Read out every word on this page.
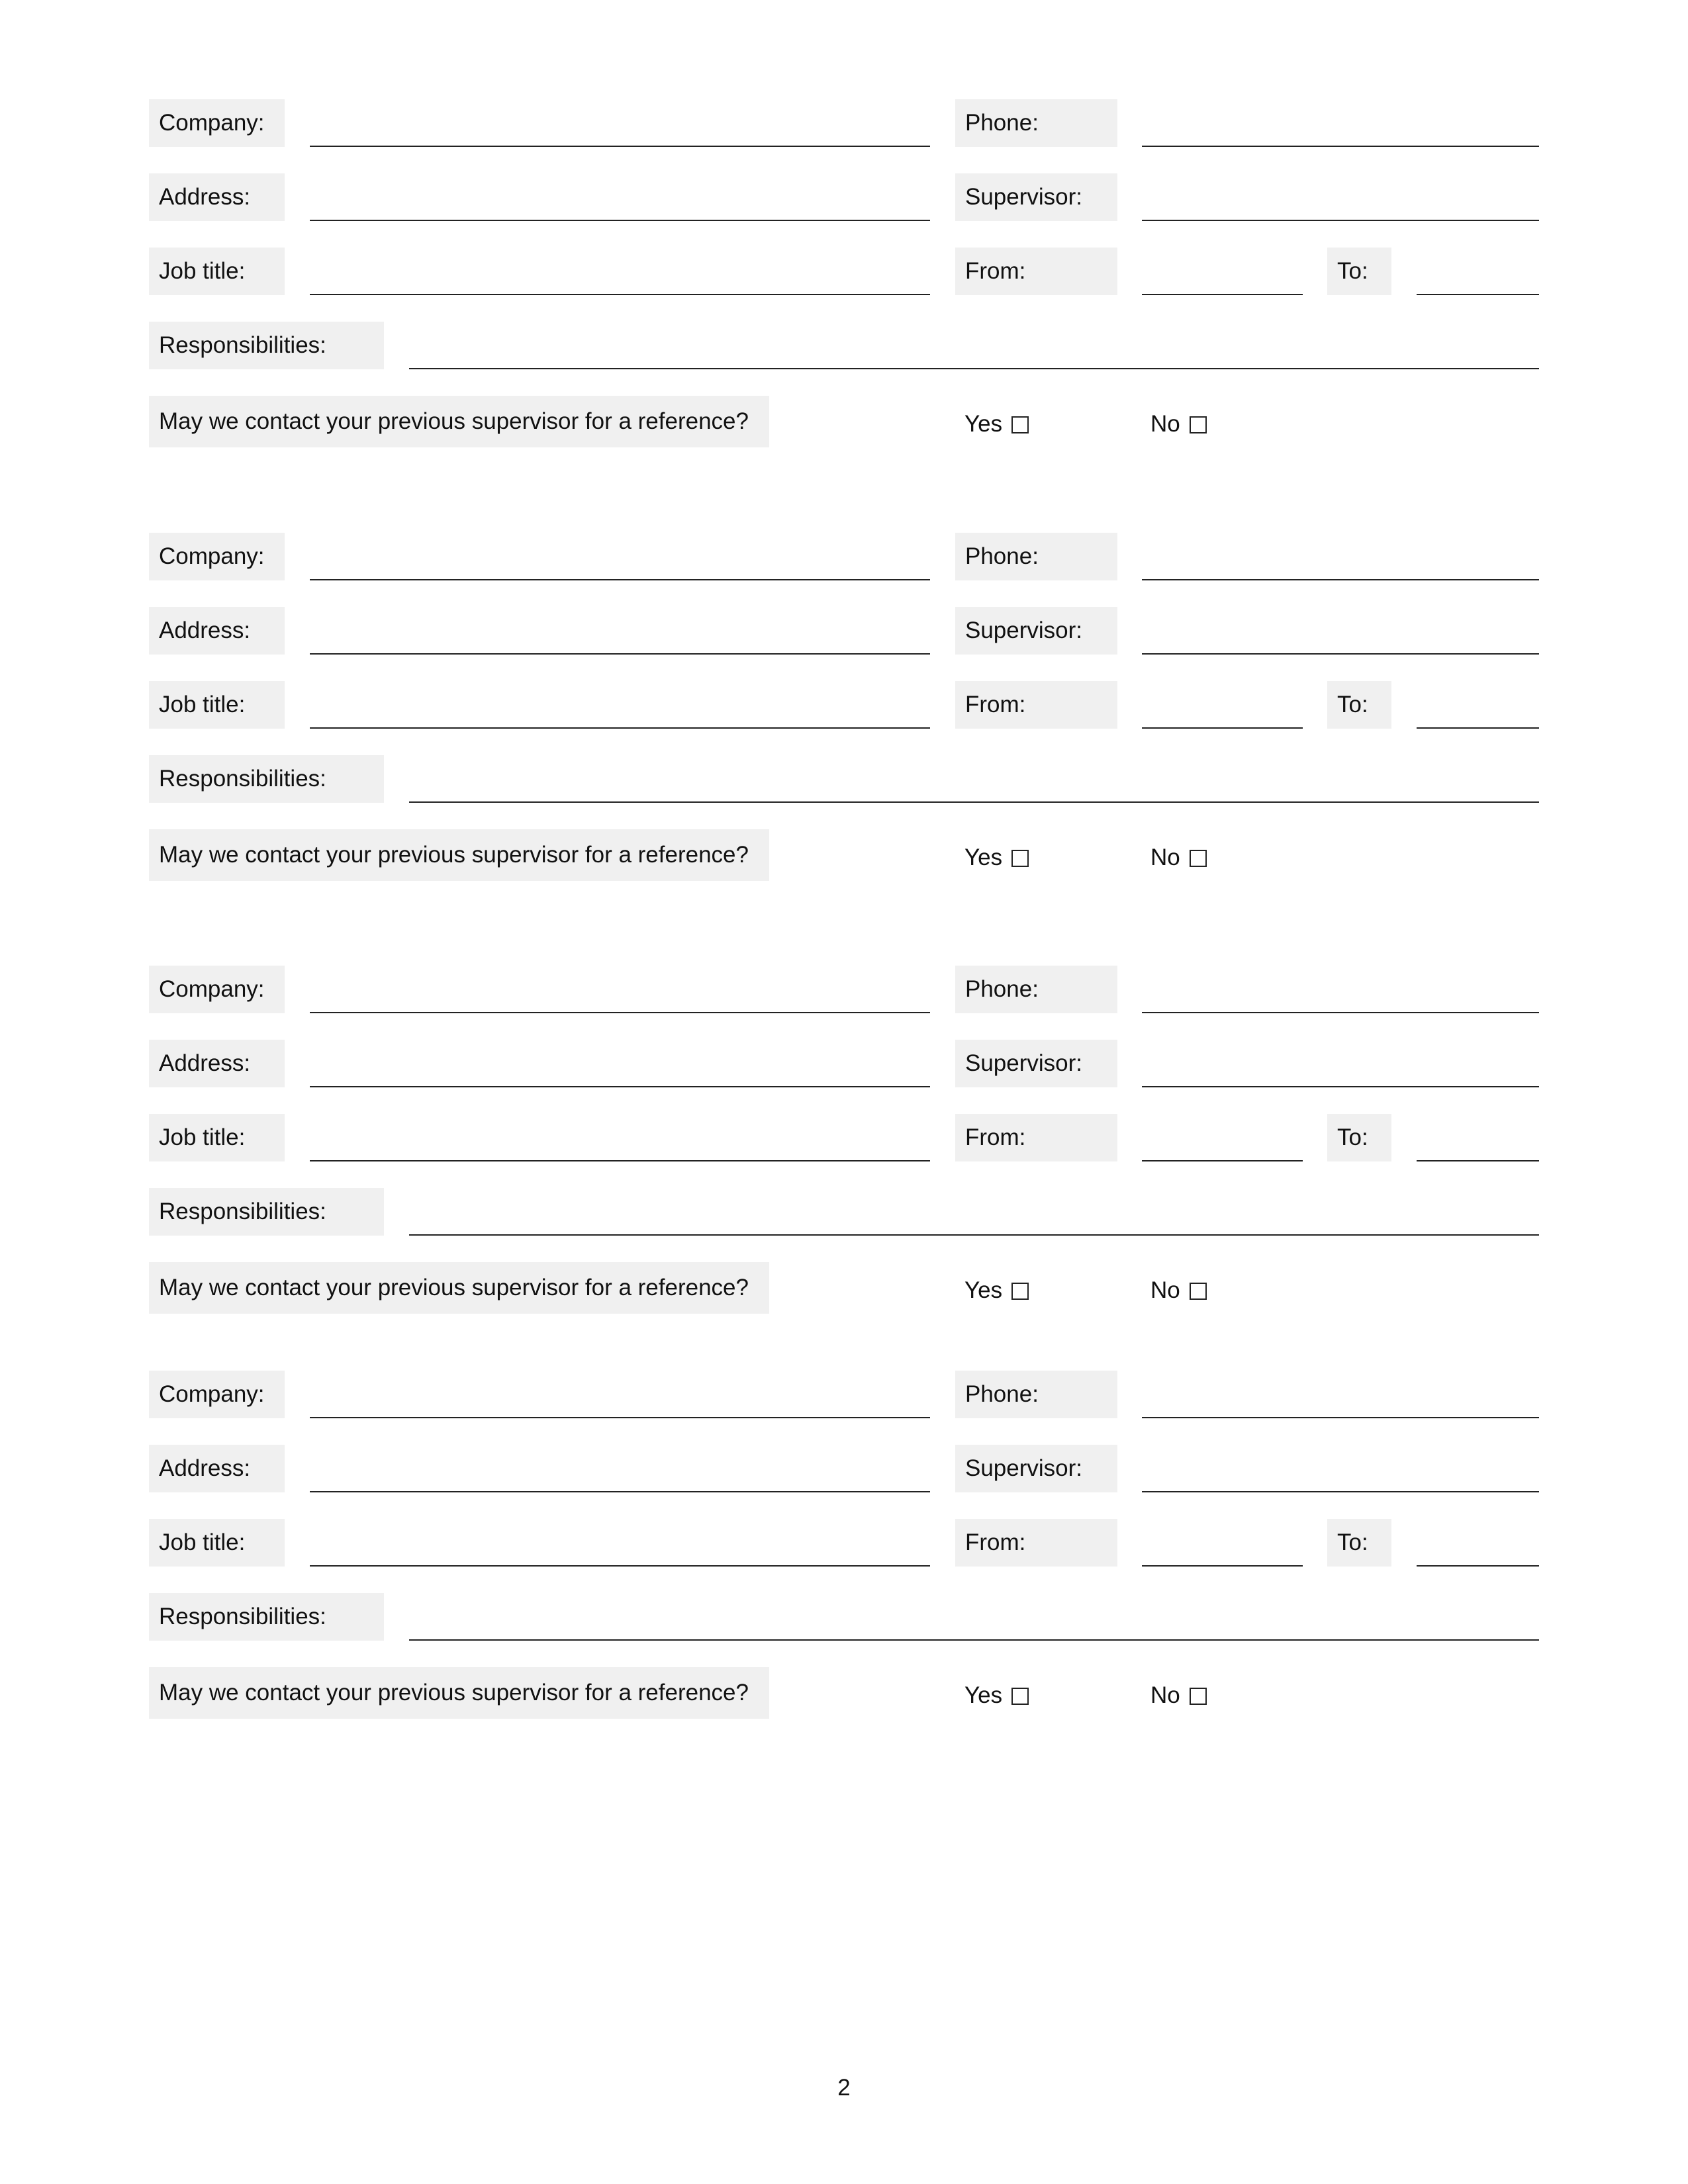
Company:	Phone:
Address:	Supervisor:
Job title:	From:	To:
Responsibilities:
May we contact your previous supervisor for a reference?	Yes	No
Company:	Phone:
Address:	Supervisor:
Job title:	From:	To:
Responsibilities:
May we contact your previous supervisor for a reference?	Yes	No
Company:	Phone:
Address:	Supervisor:
Job title:	From:	To:
Responsibilities:
May we contact your previous supervisor for a reference?	Yes	No
Company:	Phone:
Address:	Supervisor:
Job title:	From:	To:
Responsibilities:
May we contact your previous supervisor for a reference?	Yes	No
2
